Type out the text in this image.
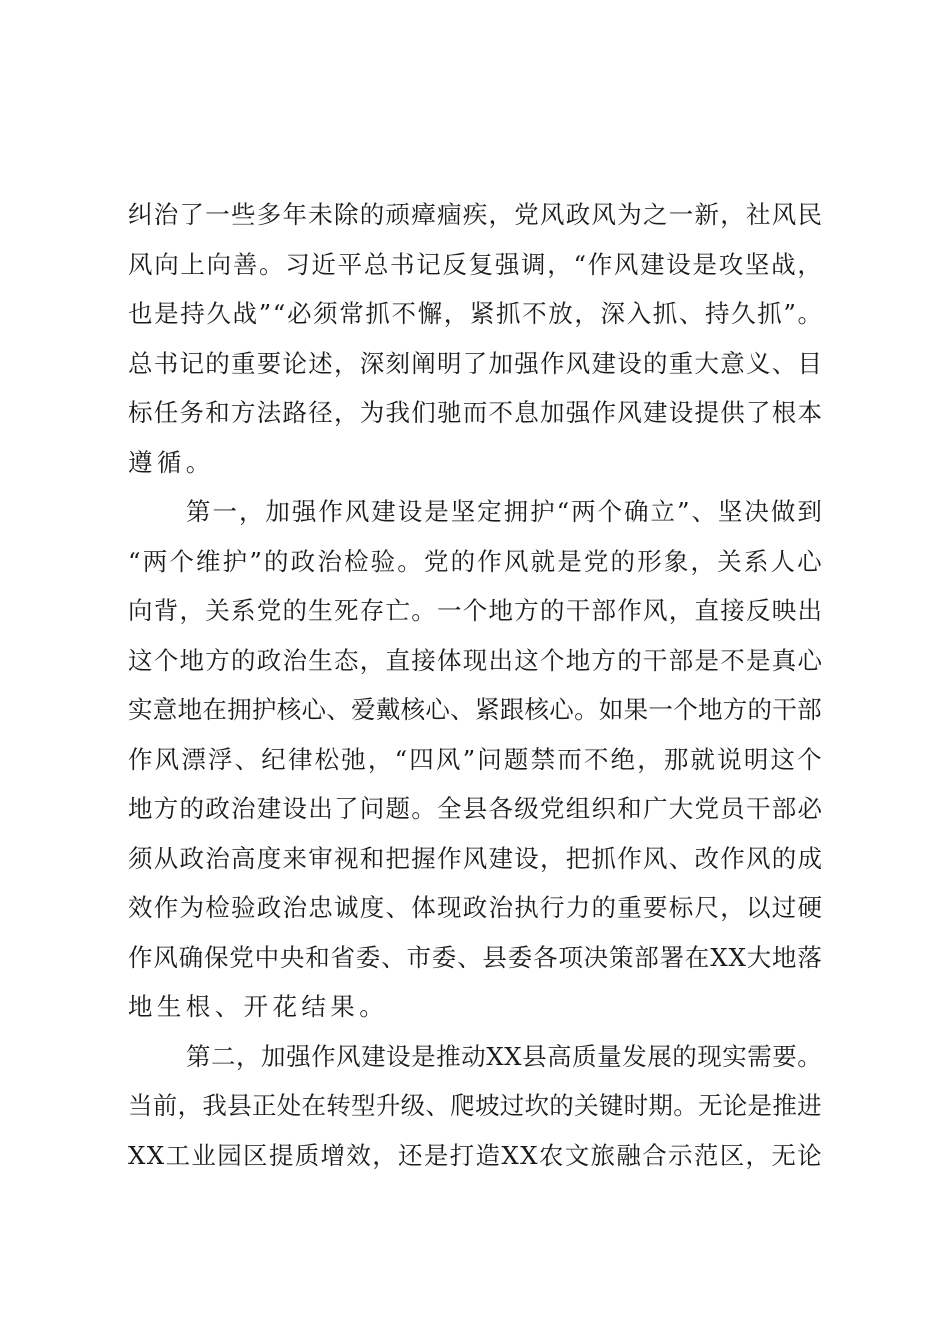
纠 治 了 一 些 多 年 未 除 的 顽 瘴 痼 疾 ， 党 风 政 风 为 之 一 新 ， 社 风 民
风 向 上 向 善 。 习 近 平 总 书 记 反 复 强 调 ， “ 作 风 建 设 是 攻 坚 战 ，
也 是 持 久 战 ” “ 必 须 常 抓 不 懈 ， 紧 抓 不 放 ， 深 入 抓 、 持 久 抓 ” 。
总 书 记 的 重 要 论 述 ， 深 刻 阐 明 了 加 强 作 风 建 设 的 重 大 意 义 、 目
标 任 务 和 方 法 路 径 ， 为 我 们 驰 而 不 息 加 强 作 风 建 设 提 供 了 根 本
遵循。
第 一 ， 加 强 作 风 建 设 是 坚 定 拥 护 “ 两 个 确 立 ” 、 坚 决 做 到
“ 两 个 维 护 ” 的 政 治 检 验 。 党 的 作 风 就 是 党 的 形 象 ， 关 系 人 心
向 背 ， 关 系 党 的 生 死 存 亡 。 一 个 地 方 的 干 部 作 风 ， 直 接 反 映 出
这 个 地 方 的 政 治 生 态 ， 直 接 体 现 出 这 个 地 方 的 干 部 是 不 是 真 心
实 意 地 在 拥 护 核 心 、 爱 戴 核 心 、 紧 跟 核 心 。 如 果 一 个 地 方 的 干 部
作 风 漂 浮 、 纪 律 松 弛 ， “ 四 风 ” 问 题 禁 而 不 绝 ， 那 就 说 明 这 个
地 方 的 政 治 建 设 出 了 问 题 。 全 县 各 级 党 组 织 和 广 大 党 员 干 部 必
须 从 政 治 高 度 来 审 视 和 把 握 作 风 建 设 ， 把 抓 作 风 、 改 作 风 的 成
效 作 为 检 验 政 治 忠 诚 度 、 体 现 政 治 执 行 力 的 重 要 标 尺 ， 以 过 硬
作 风 确 保 党 中 央 和 省 委 、 市 委 、 县 委 各 项 决 策 部 署 在 X X 大 地 落
地生根、开花结果。
第 二 ， 加 强 作 风 建 设 是 推 动 X X 县 高 质 量 发 展 的 现 实 需 要 。
当 前 ， 我 县 正 处 在 转 型 升 级 、 爬 坡 过 坎 的 关 键 时 期 。 无 论 是 推 进
X X 工 业 园 区 提 质 增 效 ， 还 是 打 造 X X 农 文 旅 融 合 示 范 区 ， 无 论
